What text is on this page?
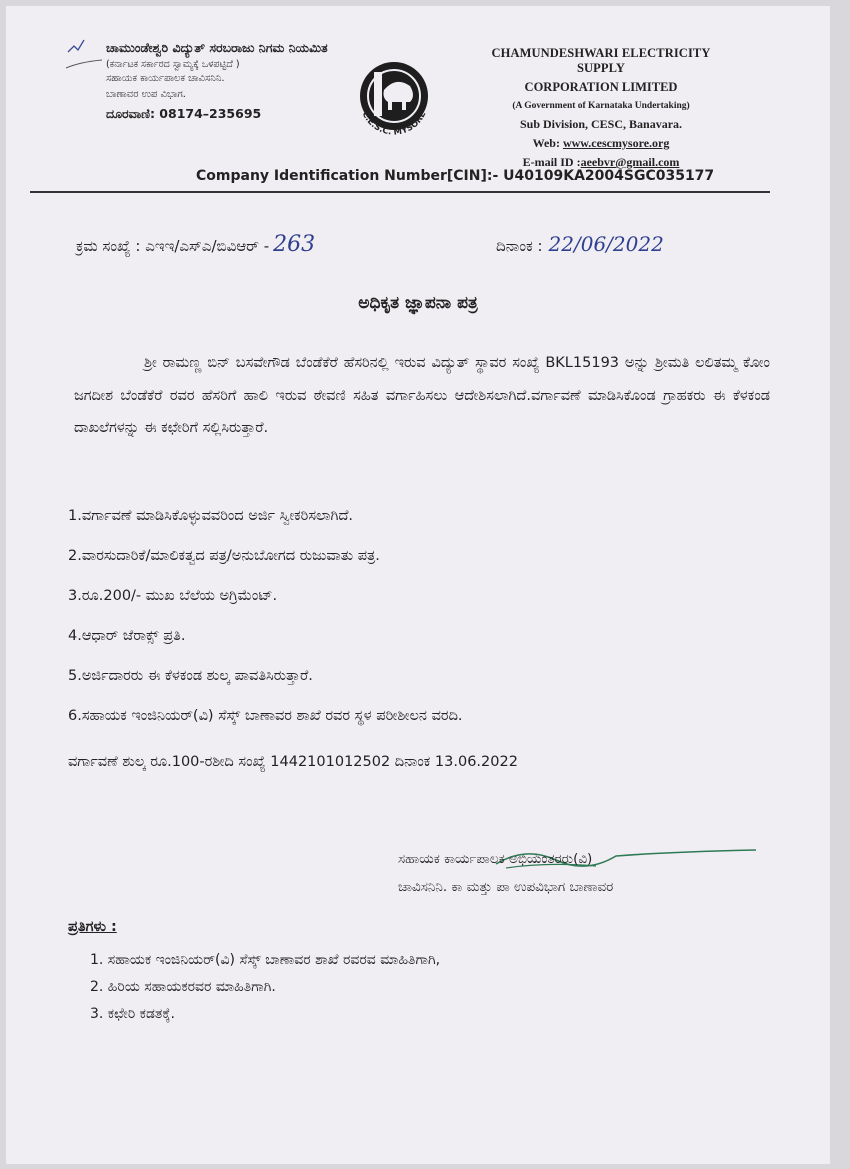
ಚಾಮುಂಡೇಶ್ವರಿ ವಿದ್ಯುತ್ ಸರಬರಾಜು ನಿಗಮ ನಿಯಮಿತ
(ಕರ್ನಾಟಕ ಸರ್ಕಾರದ ಸ್ವಾಮ್ಯಕ್ಕೆ ಒಳಪಟ್ಟಿದೆ )
ಸಹಾಯಕ ಕಾರ್ಯಪಾಲಕ ಚಾವಿಸನಿನಿ.
ಬಾಣಾವರ ಉಪ ವಿಭಾಗ.
ದೂರವಾಣಿ: 08174–235695	C.E.S.C. MYSORE
CHAMUNDESHWARI ELECTRICITY SUPPLY
CORPORATION LIMITED
(A Government of Karnataka Undertaking)
Sub Division, CESC, Banavara.
Web: www.cescmysore.org
E-mail ID :aeebvr@gmail.com
Company Identification Number[CIN]:- U40109KA2004SGC035177
ಕ್ರಮ ಸಂಖ್ಯೆ : ಎಇಇ/ಎಸ್‌ಎ/ಬಿವಿಆರ್ - 263	ದಿನಾಂಕ : 22/06/2022
ಅಧಿಕೃತ ಜ್ಞಾಪನಾ ಪತ್ರ
ಶ್ರೀ ರಾಮಣ್ಣ ಬಿನ್ ಬಸವೇಗೌಡ ಬೆಂಡೆಕೆರೆ ಹೆಸರಿನಲ್ಲಿ ಇರುವ ವಿದ್ಯುತ್ ಸ್ಥಾವರ ಸಂಖ್ಯೆ BKL15193 ಅನ್ನು ಶ್ರೀಮತಿ ಲಲಿತಮ್ಮ ಕೋಂ ಜಗದೀಶ ಬೆಂಡೆಕೆರೆ ರವರ ಹೆಸರಿಗೆ ಹಾಲಿ ಇರುವ ಠೇವಣಿ ಸಹಿತ ವರ್ಗಾಹಿಸಲು ಆದೇಶಿಸಲಾಗಿದೆ.ವರ್ಗಾವಣೆ ಮಾಡಿಸಿಕೊಂಡ ಗ್ರಾಹಕರು ಈ ಕೆಳಕಂಡ ದಾಖಲೆಗಳನ್ನು ಈ ಕಛೇರಿಗೆ ಸಲ್ಲಿಸಿರುತ್ತಾರೆ.
1.ವರ್ಗಾವಣೆ ಮಾಡಿಸಿಕೊಳ್ಳುವವರಿಂದ ಅರ್ಜಿ ಸ್ವೀಕರಿಸಲಾಗಿದೆ.
2.ವಾರಸುದಾರಿಕೆ/ಮಾಲಿಕತ್ವದ ಪತ್ರ/ಅನುಬೋಗದ ರುಜುವಾತು ಪತ್ರ.
3.ರೂ.200/- ಮುಖ ಬೆಲೆಯ ಅಗ್ರಿಮೆಂಟ್.
4.ಆಧಾರ್ ಜೆರಾಕ್ಸ್ ಪ್ರತಿ.
5.ಅರ್ಜಿದಾರರು ಈ ಕೆಳಕಂಡ ಶುಲ್ಕ ಪಾವತಿಸಿರುತ್ತಾರೆ.
6.ಸಹಾಯಕ ಇಂಜಿನಿಯರ್(ವಿ) ಸೆಸ್ಕ್ ಬಾಣಾವರ ಶಾಖೆ ರವರ ಸ್ಥಳ ಪರೀಶೀಲನ ವರದಿ.
ವರ್ಗಾವಣೆ ಶುಲ್ಕ ರೂ.100-ರಶೀದಿ ಸಂಖ್ಯೆ 1442101012502 ದಿನಾಂಕ 13.06.2022
ಸಹಾಯಕ ಕಾರ್ಯಪಾಲಕ ಅಭಿಯಂತರರು(ವಿ)
ಚಾವಿಸನಿನಿ. ಕಾ ಮತ್ತು ಪಾ ಉಪವಿಭಾಗ ಬಾಣಾವರ
ಪ್ರತಿಗಳು :
1. ಸಹಾಯಕ ಇಂಜಿನಿಯರ್(ವಿ) ಸೆಸ್ಕ್ ಬಾಣಾವರ ಶಾಖೆ ರವರವ ಮಾಹಿತಿಗಾಗಿ,
2. ಹಿರಿಯ ಸಹಾಯಕರವರ ಮಾಹಿತಿಗಾಗಿ.
3. ಕಛೇರಿ ಕಡತಕ್ಕೆ.
